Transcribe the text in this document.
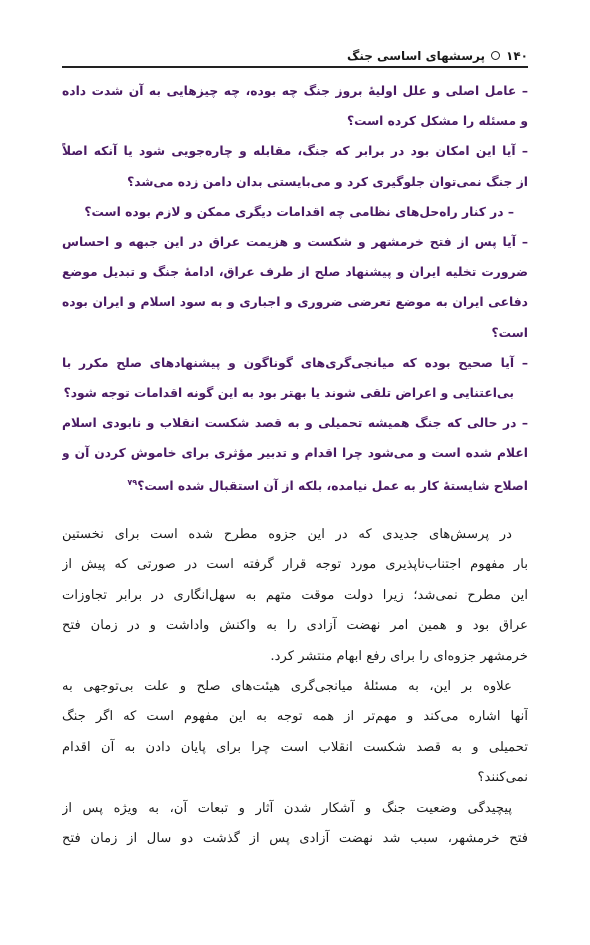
۱۴۰
پرسشهای اساسی جنگ
– عامل اصلی و علل اولیهٔ بروز جنگ چه بوده، چه چیزهایی به آن شدت داده
و مسئله را مشکل کرده است؟
– آیا این امکان بود در برابر که جنگ، مقابله و چاره‌جویی شود یا آنکه اصلاً
از جنگ نمی‌توان جلوگیری کرد و می‌بایستی بدان دامن زده می‌شد؟
– در کنار راه‌حل‌های نظامی چه اقدامات دیگری ممکن و لازم بوده است؟
– آیا پس از فتح خرمشهر و شکست و هزیمت عراق در این جبهه و احساس
ضرورت تخلیه ایران و پیشنهاد صلح از طرف عراق، ادامهٔ جنگ و تبدیل موضع
دفاعی ایران به موضع تعرضی ضروری و اجباری و به سود اسلام و ایران بوده
است؟
– آیا صحیح بوده که میانجی‌گری‌های گوناگون و پیشنهادهای صلح مکرر با
بی‌اعتنایی و اعراض تلقی شوند یا بهتر بود به این گونه اقدامات توجه شود؟
– در حالی که جنگ همیشه تحمیلی و به قصد شکست انقلاب و نابودی اسلام
اعلام شده است و می‌شود چرا اقدام و تدبیر مؤثری برای خاموش کردن آن و
اصلاح شایستهٔ کار به عمل نیامده، بلکه از آن استقبال شده است؟$^{۷۹}$
در پرسش‌های جدیدی که در این جزوه مطرح شده است برای نخستین
بار مفهوم اجتناب‌ناپذیری مورد توجه قرار گرفته است در صورتی که پیش از
این مطرح نمی‌شد؛ زیرا دولت موقت متهم به سهل‌انگاری در برابر تجاوزات
عراق بود و همین امر نهضت آزادی را به واکنش واداشت و در زمان فتح
خرمشهر جزوه‌ای را برای رفع ابهام منتشر کرد.
علاوه بر این، به مسئلهٔ میانجی‌گری هیئت‌های صلح و علت بی‌توجهی به
آنها اشاره می‌کند و مهم‌تر از همه توجه به این مفهوم است که اگر جنگ
تحمیلی و به قصد شکست انقلاب است چرا برای پایان دادن به آن اقدام
نمی‌کنند؟
پیچیدگی وضعیت جنگ و آشکار شدن آثار و تبعات آن، به ویژه پس از
فتح خرمشهر، سبب شد نهضت آزادی پس از گذشت دو سال از زمان فتح
